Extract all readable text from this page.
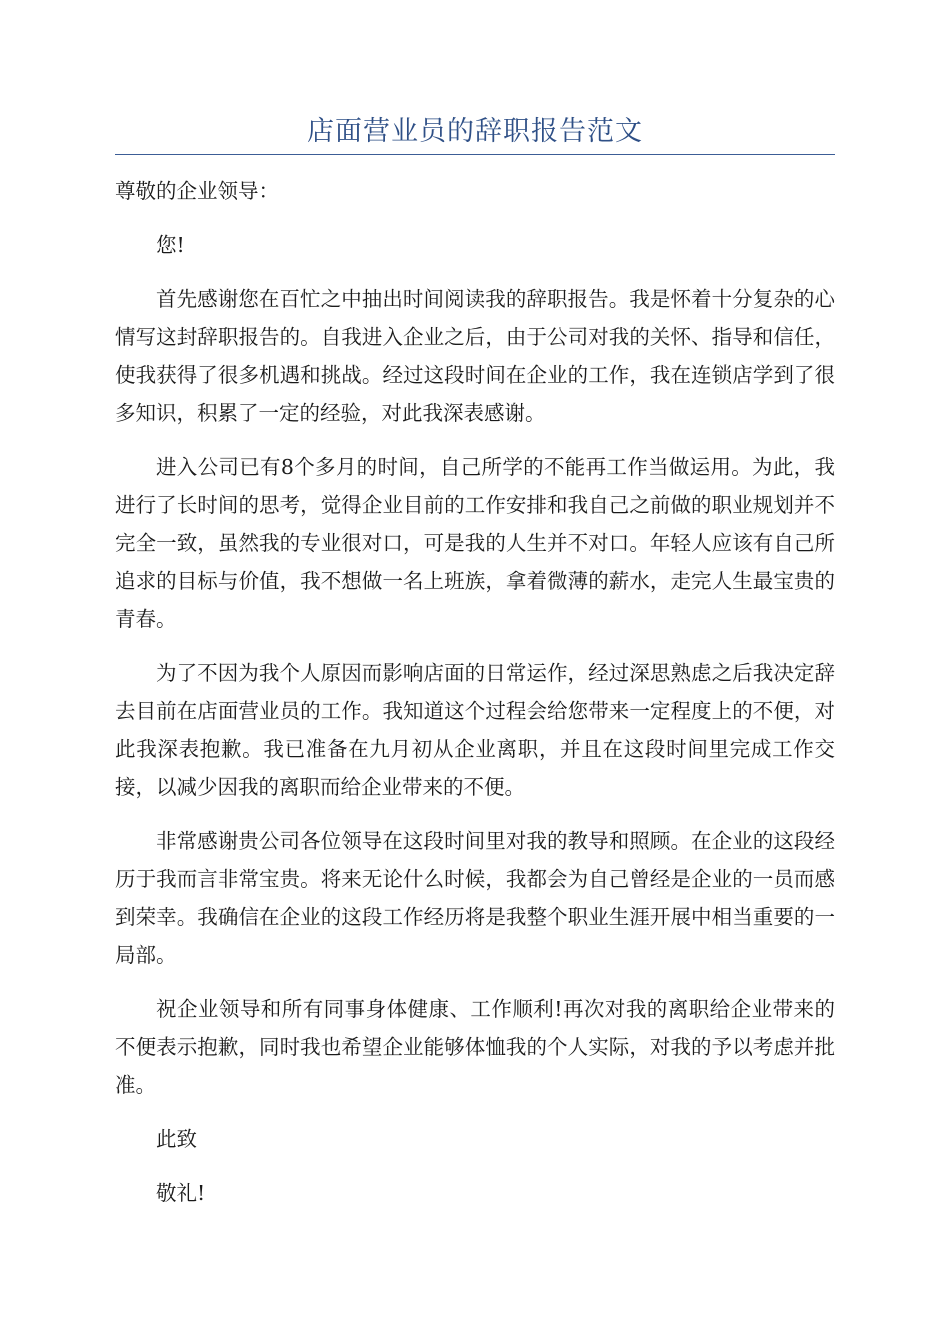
店面营业员的辞职报告范文

尊敬的企业领导：

您!

首先感谢您在百忙之中抽出时间阅读我的辞职报告。我是怀着十分复杂的心情写这封辞职报告的。自我进入企业之后，由于公司对我的关怀、指导和信任，使我获得了很多机遇和挑战。经过这段时间在企业的工作，我在连锁店学到了很多知识，积累了一定的经验，对此我深表感谢。

进入公司已有8个多月的时间，自己所学的不能再工作当做运用。为此，我进行了长时间的思考，觉得企业目前的工作安排和我自己之前做的职业规划并不完全一致，虽然我的专业很对口，可是我的人生并不对口。年轻人应该有自己所追求的目标与价值，我不想做一名上班族，拿着微薄的薪水，走完人生最宝贵的青春。

为了不因为我个人原因而影响店面的日常运作，经过深思熟虑之后我决定辞去目前在店面营业员的工作。我知道这个过程会给您带来一定程度上的不便，对此我深表抱歉。我已准备在九月初从企业离职，并且在这段时间里完成工作交接，以减少因我的离职而给企业带来的不便。

非常感谢贵公司各位领导在这段时间里对我的教导和照顾。在企业的这段经历于我而言非常宝贵。将来无论什么时候，我都会为自己曾经是企业的一员而感到荣幸。我确信在企业的这段工作经历将是我整个职业生涯开展中相当重要的一局部。

祝企业领导和所有同事身体健康、工作顺利!再次对我的离职给企业带来的不便表示抱歉，同时我也希望企业能够体恤我的个人实际，对我的予以考虑并批准。

此致

敬礼!
